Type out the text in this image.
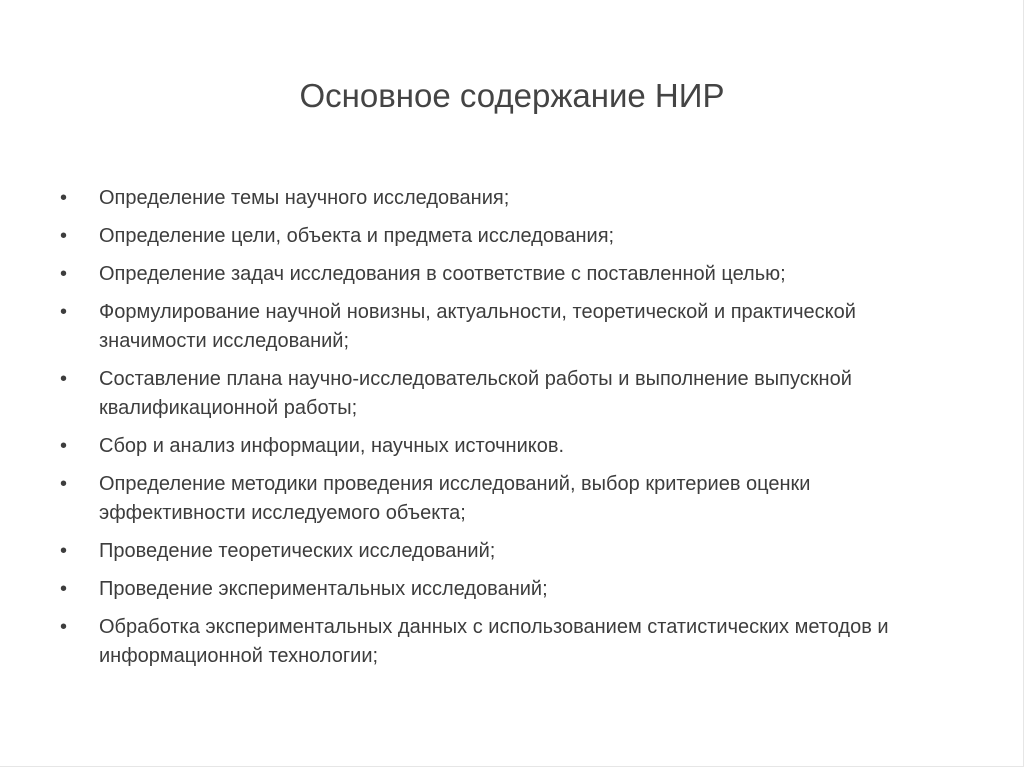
Основное содержание НИР
•	Определение темы научного исследования;
•	Определение цели, объекта и предмета исследования;
•	Определение задач исследования в соответствие с поставленной целью;
•	Формулирование научной новизны, актуальности, теоретической и практической значимости исследований;
•	Составление плана научно-исследовательской работы и выполнение выпускной квалификационной работы;
•	Сбор и анализ информации, научных источников.
•	Определение методики проведения исследований, выбор критериев оценки эффективности исследуемого объекта;
•	Проведение теоретических исследований;
•	Проведение экспериментальных исследований;
•	Обработка экспериментальных данных с использованием статистических методов и информационной технологии;
